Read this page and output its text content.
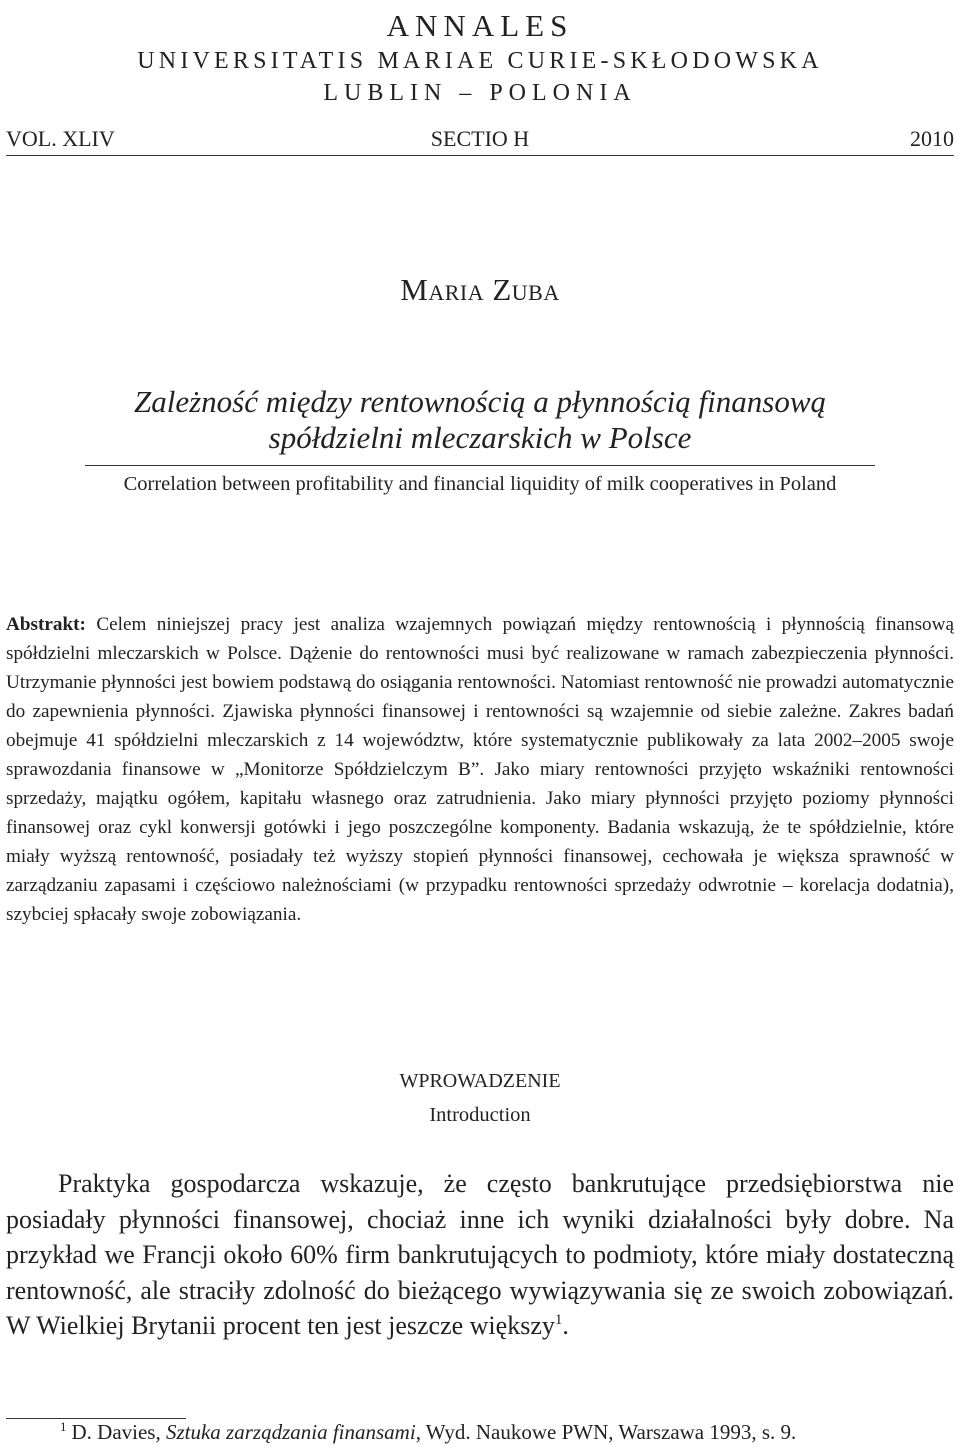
ANNALES
UNIVERSITATIS MARIAE CURIE-SKŁODOWSKA
LUBLIN – POLONIA
VOL. XLIV	SECTIO H	2010
Maria Zuba
Zależność między rentownością a płynnością finansową
spółdzielni mleczarskich w Polsce
Correlation between profitability and financial liquidity of milk cooperatives in Poland
Abstrakt: Celem niniejszej pracy jest analiza wzajemnych powiązań między rentownością i płynnością finansową spółdzielni mleczarskich w Polsce. Dążenie do rentowności musi być realizowane w ramach zabezpieczenia płynności. Utrzymanie płynności jest bowiem podstawą do osiągania rentowności. Natomiast rentowność nie prowadzi automatycznie do zapewnienia płynności. Zjawiska płynności finansowej i rentowności są wzajemnie od siebie zależne. Zakres badań obejmuje 41 spółdzielni mleczarskich z 14 województw, które systematycznie publikowały za lata 2002–2005 swoje sprawozdania finansowe w „Monitorze Spółdzielczym B”. Jako miary rentowności przyjęto wskaźniki rentowności sprzedaży, majątku ogółem, kapitału własnego oraz zatrudnienia. Jako miary płynności przyjęto poziomy płynności finansowej oraz cykl konwersji gotówki i jego poszczególne komponenty. Badania wskazują, że te spółdzielnie, które miały wyższą rentowność, posiadały też wyższy stopień płynności finansowej, cechowała je większa sprawność w zarządzaniu zapasami i częściowo należnościami (w przypadku rentowności sprzedaży odwrotnie – korelacja dodatnia), szybciej spłacały swoje zobowiązania.
WPROWADZENIE
Introduction
Praktyka gospodarcza wskazuje, że często bankrutujące przedsiębiorstwa nie posiadały płynności finansowej, chociaż inne ich wyniki działalności były dobre. Na przykład we Francji około 60% firm bankrutujących to podmioty, które miały dostateczną rentowność, ale straciły zdolność do bieżącego wywiązywania się ze swoich zobowiązań. W Wielkiej Brytanii procent ten jest jeszcze większy$^1$.
$^1$ D. Davies, Sztuka zarządzania finansami, Wyd. Naukowe PWN, Warszawa 1993, s. 9.
